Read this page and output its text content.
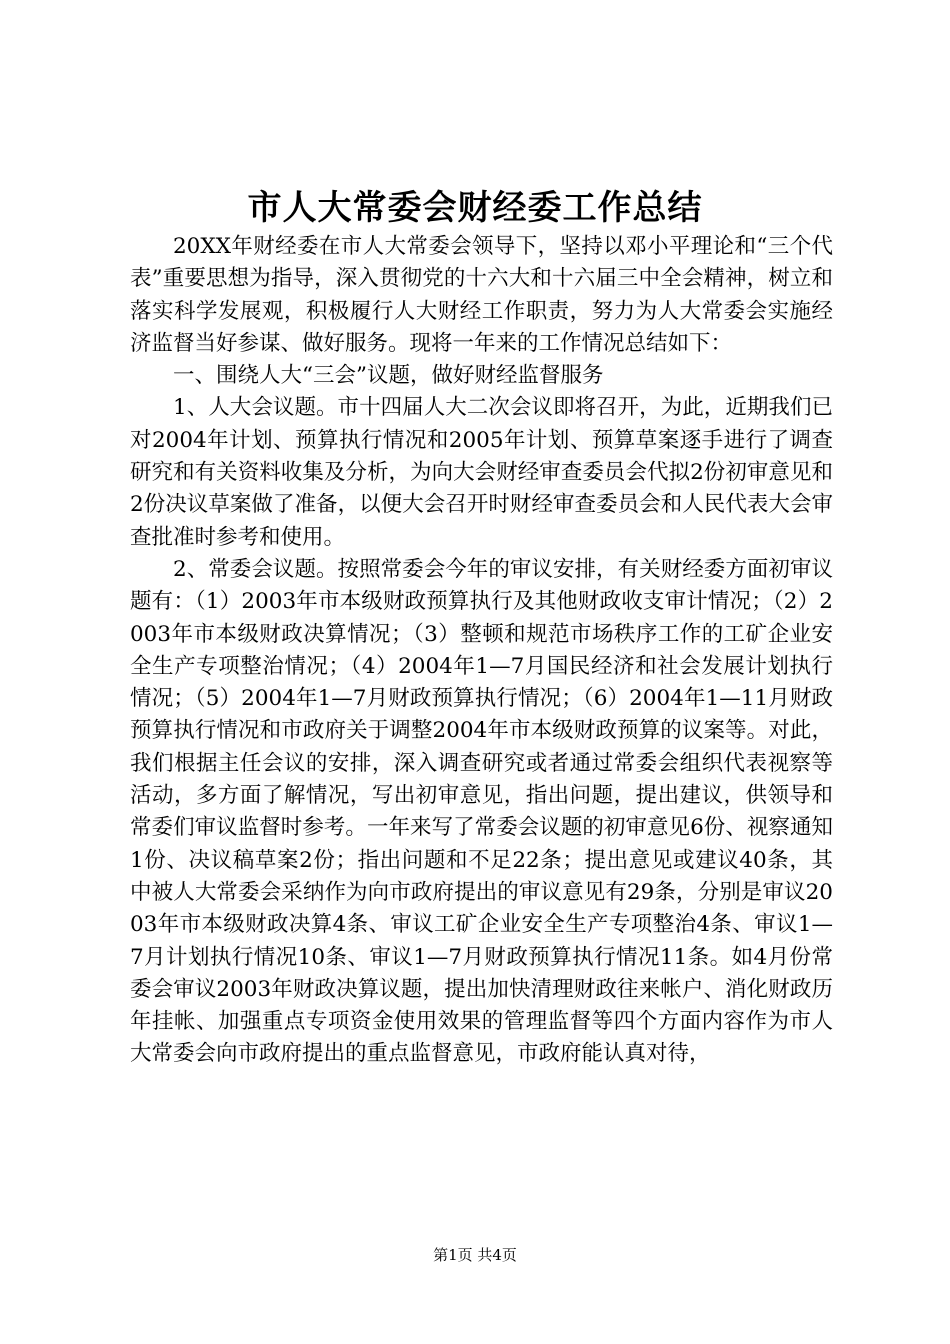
市人大常委会财经委工作总结

20XX年财经委在市人大常委会领导下，坚持以邓小平理论和“三个代表”重要思想为指导，深入贯彻党的十六大和十六届三中全会精神，树立和落实科学发展观，积极履行人大财经工作职责，努力为人大常委会实施经济监督当好参谋、做好服务。现将一年来的工作情况总结如下：

一、围绕人大“三会”议题，做好财经监督服务

1、人大会议题。市十四届人大二次会议即将召开，为此，近期我们已对2004年计划、预算执行情况和2005年计划、预算草案逐手进行了调查研究和有关资料收集及分析，为向大会财经审查委员会代拟2份初审意见和2份决议草案做了准备，以便大会召开时财经审查委员会和人民代表大会审查批准时参考和使用。

2、常委会议题。按照常委会今年的审议安排，有关财经委方面初审议题有：（1）2003年市本级财政预算执行及其他财政收支审计情况；（2）2003年市本级财政决算情况；（3）整顿和规范市场秩序工作的工矿企业安全生产专项整治情况；（4）2004年1—7月国民经济和社会发展计划执行情况；（5）2004年1—7月财政预算执行情况；（6）2004年1—11月财政预算执行情况和市政府关于调整2004年市本级财政预算的议案等。对此，我们根据主任会议的安排，深入调查研究或者通过常委会组织代表视察等活动，多方面了解情况，写出初审意见，指出问题，提出建议，供领导和常委们审议监督时参考。一年来写了常委会议题的初审意见6份、视察通知1份、决议稿草案2份；指出问题和不足22条；提出意见或建议40条，其中被人大常委会采纳作为向市政府提出的审议意见有29条，分别是审议2003年市本级财政决算4条、审议工矿企业安全生产专项整治4条、审议1—7月计划执行情况10条、审议1—7月财政预算执行情况11条。如4月份常委会审议2003年财政决算议题，提出加快清理财政往来帐户、消化财政历年挂帐、加强重点专项资金使用效果的管理监督等四个方面内容作为市人大常委会向市政府提出的重点监督意见，市政府能认真对待，

第1页 共4页
